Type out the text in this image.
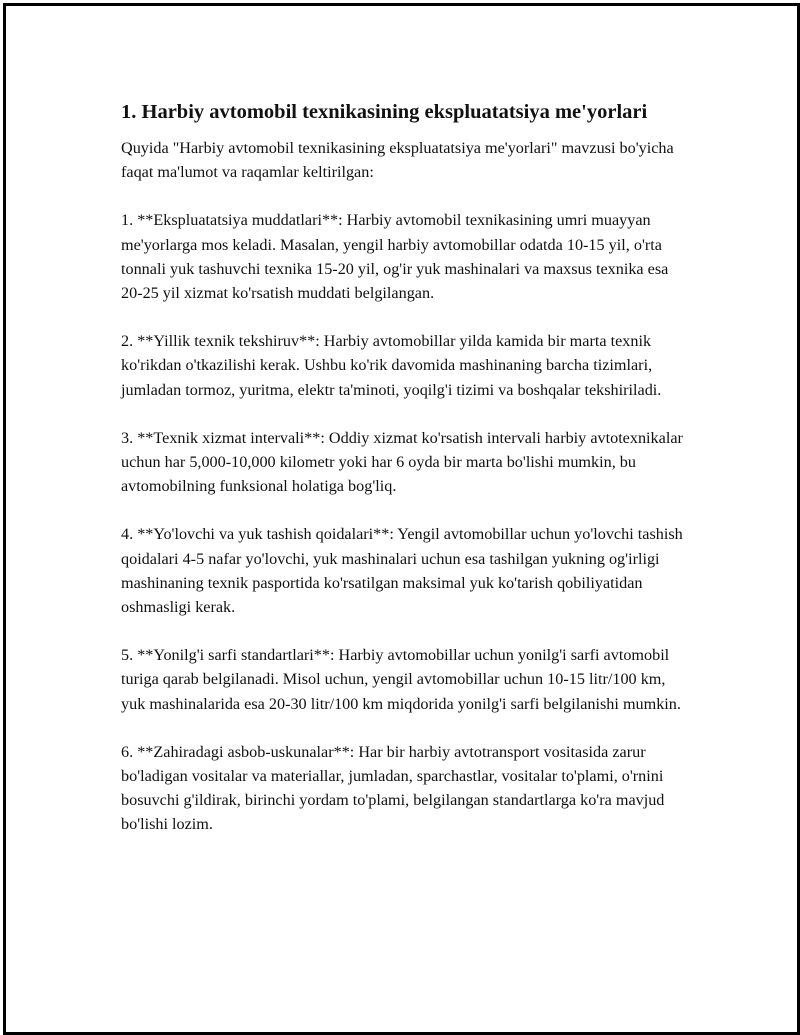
1. Harbiy avtomobil texnikasining ekspluatatsiya me'yorlari

Quyida "Harbiy avtomobil texnikasining ekspluatatsiya me'yorlari" mavzusi bo'yicha faqat ma'lumot va raqamlar keltirilgan:

1. **Ekspluatatsiya muddatlari**: Harbiy avtomobil texnikasining umri muayyan me'yorlarga mos keladi. Masalan, yengil harbiy avtomobillar odatda 10-15 yil, o'rta tonnali yuk tashuvchi texnika 15-20 yil, og'ir yuk mashinalari va maxsus texnika esa 20-25 yil xizmat ko'rsatish muddati belgilangan.

2. **Yillik texnik tekshiruv**: Harbiy avtomobillar yilda kamida bir marta texnik ko'rikdan o'tkazilishi kerak. Ushbu ko'rik davomida mashinaning barcha tizimlari, jumladan tormoz, yuritma, elektr ta'minoti, yoqilg'i tizimi va boshqalar tekshiriladi.

3. **Texnik xizmat intervali**: Oddiy xizmat ko'rsatish intervali harbiy avtotexnikalar uchun har 5,000-10,000 kilometr yoki har 6 oyda bir marta bo'lishi mumkin, bu avtomobilning funksional holatiga bog'liq.

4. **Yo'lovchi va yuk tashish qoidalari**: Yengil avtomobillar uchun yo'lovchi tashish qoidalari 4-5 nafar yo'lovchi, yuk mashinalari uchun esa tashilgan yukning og'irligi mashinaning texnik pasportida ko'rsatilgan maksimal yuk ko'tarish qobiliyatidan oshmasligi kerak.

5. **Yonilg'i sarfi standartlari**: Harbiy avtomobillar uchun yonilg'i sarfi avtomobil turiga qarab belgilanadi. Misol uchun, yengil avtomobillar uchun 10-15 litr/100 km, yuk mashinalarida esa 20-30 litr/100 km miqdorida yonilg'i sarfi belgilanishi mumkin.

6. **Zahiradagi asbob-uskunalar**: Har bir harbiy avtotransport vositasida zarur bo'ladigan vositalar va materiallar, jumladan, sparchastlar, vositalar to'plami, o'rnini bosuvchi g'ildirak, birinchi yordam to'plami, belgilangan standartlarga ko'ra mavjud bo'lishi lozim.
